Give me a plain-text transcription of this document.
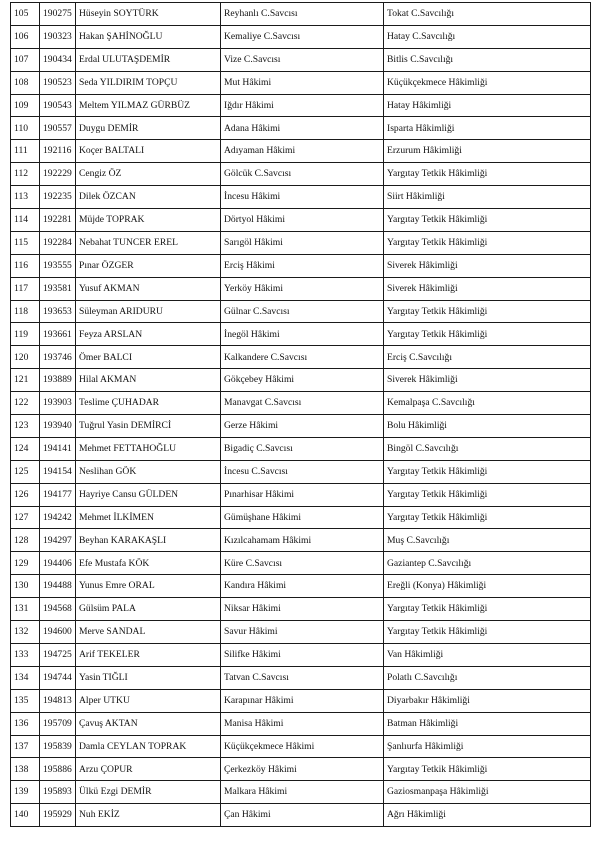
105	190275	Hüseyin SOYTÜRK	Reyhanlı C.Savcısı	Tokat C.Savcılığı
106	190323	Hakan ŞAHİNOĞLU	Kemaliye C.Savcısı	Hatay C.Savcılığı
107	190434	Erdal ULUTAŞDEMİR	Vize C.Savcısı	Bitlis C.Savcılığı
108	190523	Seda YILDIRIM TOPÇU	Mut Hâkimi	Küçükçekmece Hâkimliği
109	190543	Meltem YILMAZ GÜRBÜZ	Iğdır Hâkimi	Hatay Hâkimliği
110	190557	Duygu DEMİR	Adana Hâkimi	Isparta Hâkimliği
111	192116	Koçer BALTALI	Adıyaman Hâkimi	Erzurum Hâkimliği
112	192229	Cengiz ÖZ	Gölcük C.Savcısı	Yargıtay Tetkik Hâkimliği
113	192235	Dilek ÖZCAN	İncesu Hâkimi	Siirt Hâkimliği
114	192281	Müjde TOPRAK	Dörtyol Hâkimi	Yargıtay Tetkik Hâkimliği
115	192284	Nebahat TUNCER EREL	Sarıgöl Hâkimi	Yargıtay Tetkik Hâkimliği
116	193555	Pınar ÖZGER	Erciş Hâkimi	Siverek Hâkimliği
117	193581	Yusuf AKMAN	Yerköy Hâkimi	Siverek Hâkimliği
118	193653	Süleyman ARIDURU	Gülnar C.Savcısı	Yargıtay Tetkik Hâkimliği
119	193661	Feyza ARSLAN	İnegöl Hâkimi	Yargıtay Tetkik Hâkimliği
120	193746	Ömer BALCI	Kalkandere C.Savcısı	Erciş C.Savcılığı
121	193889	Hilal AKMAN	Gökçebey Hâkimi	Siverek Hâkimliği
122	193903	Teslime ÇUHADAR	Manavgat C.Savcısı	Kemalpaşa C.Savcılığı
123	193940	Tuğrul Yasin DEMİRCİ	Gerze Hâkimi	Bolu Hâkimliği
124	194141	Mehmet FETTAHOĞLU	Bigadiç C.Savcısı	Bingöl C.Savcılığı
125	194154	Neslihan GÖK	İncesu C.Savcısı	Yargıtay Tetkik Hâkimliği
126	194177	Hayriye Cansu GÜLDEN	Pınarhisar Hâkimi	Yargıtay Tetkik Hâkimliği
127	194242	Mehmet İLKİMEN	Gümüşhane Hâkimi	Yargıtay Tetkik Hâkimliği
128	194297	Beyhan KARAKAŞLI	Kızılcahamam Hâkimi	Muş C.Savcılığı
129	194406	Efe Mustafa KÖK	Küre C.Savcısı	Gaziantep C.Savcılığı
130	194488	Yunus Emre ORAL	Kandıra Hâkimi	Ereğli (Konya) Hâkimliği
131	194568	Gülsüm PALA	Niksar Hâkimi	Yargıtay Tetkik Hâkimliği
132	194600	Merve SANDAL	Savur Hâkimi	Yargıtay Tetkik Hâkimliği
133	194725	Arif TEKELER	Silifke Hâkimi	Van Hâkimliği
134	194744	Yasin TIĞLI	Tatvan C.Savcısı	Polatlı C.Savcılığı
135	194813	Alper UTKU	Karapınar Hâkimi	Diyarbakır Hâkimliği
136	195709	Çavuş AKTAN	Manisa Hâkimi	Batman Hâkimliği
137	195839	Damla CEYLAN TOPRAK	Küçükçekmece Hâkimi	Şanlıurfa Hâkimliği
138	195886	Arzu ÇOPUR	Çerkezköy Hâkimi	Yargıtay Tetkik Hâkimliği
139	195893	Ülkü Ezgi DEMİR	Malkara Hâkimi	Gaziosmanpaşa Hâkimliği
140	195929	Nuh EKİZ	Çan Hâkimi	Ağrı Hâkimliği
